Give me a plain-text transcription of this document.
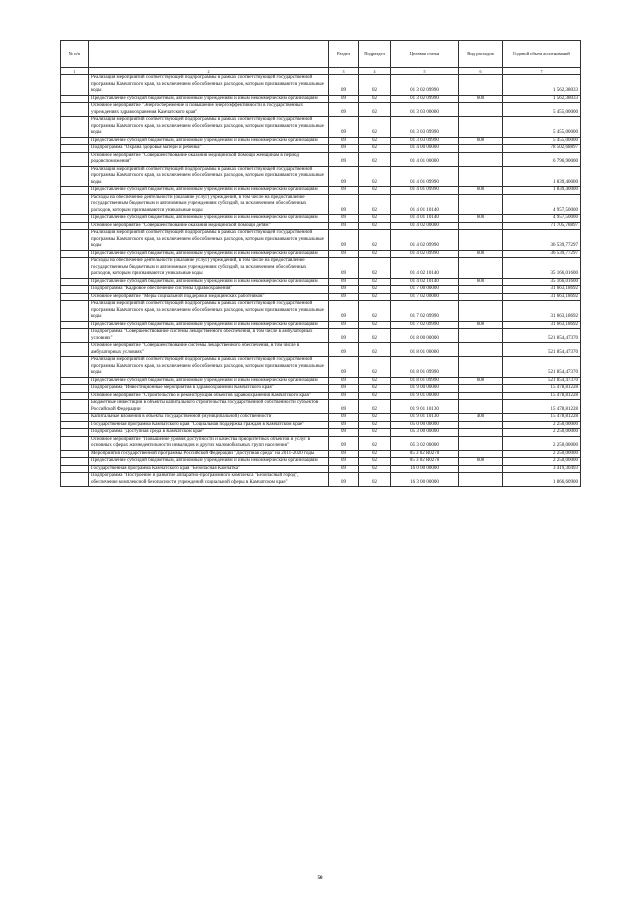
№ п/п		Раздел	Подраздел	Целевая статья	Вид расходов	Годовой объем ассигнований
1	2	3	4	5	6	7
	Реализация мероприятий соответствующей подпрограммы в рамках соответствующей государственной программы Камчатского края, за исключением обособленных расходов, которым присваиваются уникальные коды	09	02	01 3 02 09990		1 562,38033
	Предоставление субсидий бюджетным, автономным учреждениям и иным некоммерческим организациям	09	02	01 3 02 09990	600	1 562,38033
	Основное мероприятие "Энергосбережение и повышение энергоэффективности в государственных учреждениях здравоохранения Камчатского края"	09	02	01 3 03 00000		5 455,00000
	Реализация мероприятий соответствующей подпрограммы в рамках соответствующей государственной программы Камчатского края, за исключением обособленных расходов, которым присваиваются уникальные коды	09	02	01 3 03 09990		5 455,00000
	Предоставление субсидий бюджетным, автономным учреждениям и иным некоммерческим организациям	09	02	01 3 03 09990	600	5 455,00000
	Подпрограмма "Охрана здоровья матери и ребенка"	09	02	01 4 00 00000		78 502,68897
	Основное мероприятие "Совершенствование оказания медицинской помощи женщинам в период родовспоможения"	09	02	01 4 01 00000		6 796,90000
	Реализация мероприятий соответствующей подпрограммы в рамках соответствующей государственной программы Камчатского края, за исключением обособленных расходов, которым присваиваются уникальные коды	09	02	01 4 01 09990		1 839,40000
	Предоставление субсидий бюджетным, автономным учреждениям и иным некоммерческим организациям	09	02	01 4 01 09990	600	1 839,40000
	Расходы на обеспечение деятельности (оказание услуг) учреждений, в том числе на предоставление государственным бюджетным и автономным учреждениям субсидий, за исключением обособленных расходов, которым присваиваются уникальные коды	09	02	01 4 01 10140		4 957,50000
	Предоставление субсидий бюджетным, автономным учреждениям и иным некоммерческим организациям	09	02	01 4 01 10140	600	4 957,50000
	Основное мероприятие "Совершенствование оказания медицинской помощи детям"	09	02	01 4 02 00000		71 705,78897
	Реализация мероприятий соответствующей подпрограммы в рамках соответствующей государственной программы Камчатского края, за исключением обособленных расходов, которым присваиваются уникальные коды	09	02	01 4 02 09990		36 539,77297
	Предоставление субсидий бюджетным, автономным учреждениям и иным некоммерческим организациям	09	02	01 4 02 09990	600	36 539,77297
	Расходы на обеспечение деятельности (оказание услуг) учреждений, в том числе на предоставление государственным бюджетным и автономным учреждениям субсидий, за исключением обособленных расходов, которым присваиваются уникальные коды	09	02	01 4 02 10140		35 166,01600
	Предоставление субсидий бюджетным, автономным учреждениям и иным некоммерческим организациям	09	02	01 4 02 10140	600	35 166,01600
	Подпрограмма "Кадровое обеспечение системы здравоохранения"	09	02	01 7 00 00000		31 663,18692
	Основное мероприятие "Меры социальной поддержки медицинских работников"	09	02	01 7 02 00000		31 663,18692
	Реализация мероприятий соответствующей подпрограммы в рамках соответствующей государственной программы Камчатского края, за исключением обособленных расходов, которым присваиваются уникальные коды	09	02	01 7 02 09990		31 663,18692
	Предоставление субсидий бюджетным, автономным учреждениям и иным некоммерческим организациям	09	02	01 7 02 09990	600	31 663,18692
	Подпрограмма "Совершенствование системы лекарственного обеспечения, в том числе в амбулаторных условиях"	09	02	01 8 00 00000		521 854,47370
	Основное мероприятие "Совершенствование системы лекарственного обеспечения, в том числе в амбулаторных условиях"	09	02	01 8 01 00000		521 854,47370
	Реализация мероприятий соответствующей подпрограммы в рамках соответствующей государственной программы Камчатского края, за исключением обособленных расходов, которым присваиваются уникальные коды	09	02	01 8 01 09990		521 854,47370
	Предоставление субсидий бюджетным, автономным учреждениям и иным некоммерческим организациям	09	02	01 8 01 09990	600	521 854,47370
	Подпрограмма "Инвестиционные мероприятия в здравоохранении Камчатского края"	09	02	01 9 00 00000		15 478,81228
	Основное мероприятие "Строительство и реконструкция объектов здравоохранения Камчатского края"	09	02	01 9 01 00000		15 478,81228
	Бюджетные инвестиции в объекты капитального строительства государственной собственности субъектов Российской Федерации	09	02	01 9 01 10130		15 478,81228
	Капитальные вложения в объекты государственной (муниципальной) собственности	09	02	01 9 01 10130	400	15 478,81228
	Государственная программа Камчатского края "Социальная поддержка граждан в Камчатском крае"	09	02	05 0 00 00000		2 250,00000
	Подпрограмма "Доступная среда в Камчатском крае"	09	02	05 3 00 00000		2 250,00000
	Основное мероприятие "Повышение уровня доступности и качества приоритетных объектов и услуг в основных сферах жизнедеятельности инвалидов и других маломобильных групп населения"	09	02	05 3 02 00000		2 250,00000
	Мероприятия государственной программы Российской Федерации "Доступная среда" на 2011-2020 годы	09	02	05 3 02 R0270		2 250,00000
	Предоставление субсидий бюджетным, автономным учреждениям и иным некоммерческим организациям	09	02	05 3 02 R0270	600	2 250,00000
	Государственная программа Камчатского края "Безопасная Камчатка"	09	02	16 0 00 00000		3 419,30493
	Подпрограмма "Построение и развитие аппаратно-программного комплекса "Безопасный город", обеспечение комплексной безопасности учреждений социальной сферы в Камчатском крае"	09	02	16 3 00 00000		1 866,60900
50
